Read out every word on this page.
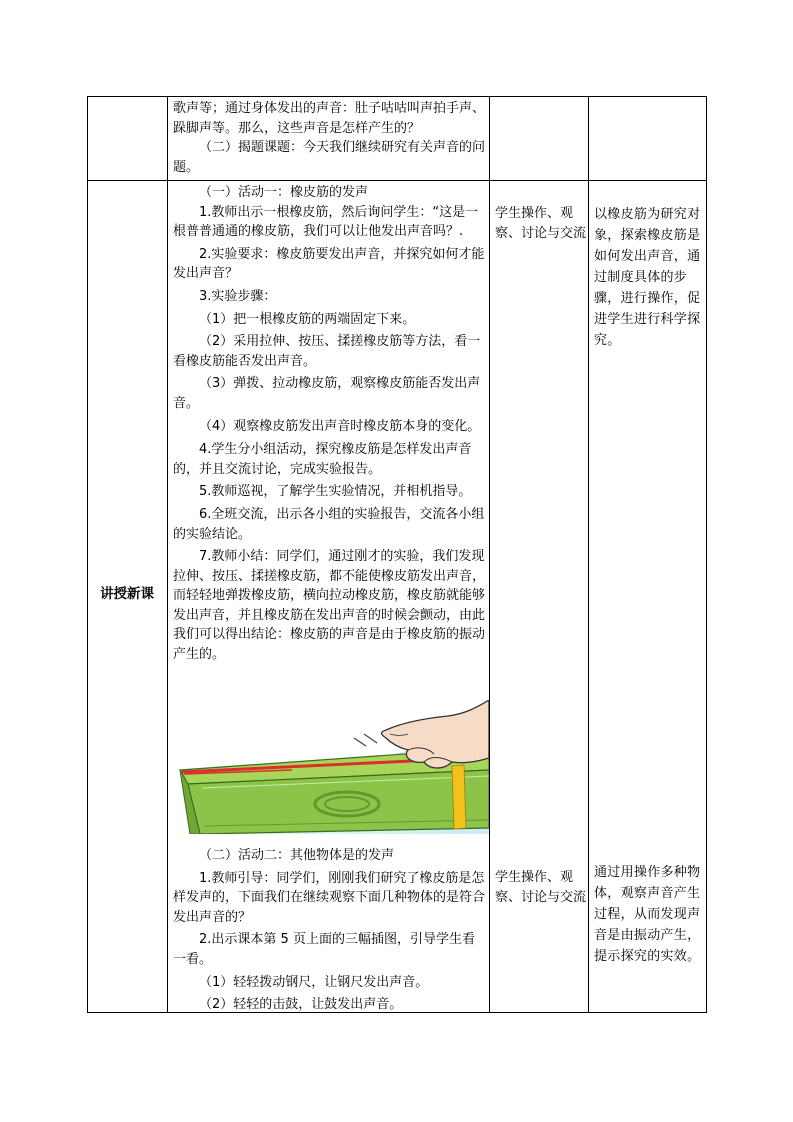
歌声等；通过身体发出的声音：肚子咕咕叫声拍手声、跺脚声等。那么，这些声音是怎样产生的？

（二）揭题课题：今天我们继续研究有关声音的问题。

讲授新课

（一）活动一：橡皮筋的发声

1.教师出示一根橡皮筋，然后询问学生：“这是一根普普通通的橡皮筋，我们可以让他发出声音吗？.

2.实验要求：橡皮筋要发出声音，并探究如何才能发出声音？

3.实验步骤：

（1）把一根橡皮筋的两端固定下来。

（2）采用拉伸、按压、揉搓橡皮筋等方法，看一看橡皮筋能否发出声音。

（3）弹拨、拉动橡皮筋，观察橡皮筋能否发出声音。

（4）观察橡皮筋发出声音时橡皮筋本身的变化。

4.学生分小组活动，探究橡皮筋是怎样发出声音的，并且交流讨论，完成实验报告。

5.教师巡视，了解学生实验情况，并相机指导。

6.全班交流，出示各小组的实验报告，交流各小组的实验结论。

7.教师小结：同学们，通过刚才的实验，我们发现拉伸、按压、揉搓橡皮筋，都不能使橡皮筋发出声音，而轻轻地弹拨橡皮筋，横向拉动橡皮筋，橡皮筋就能够发出声音，并且橡皮筋在发出声音的时候会颤动，由此我们可以得出结论：橡皮筋的声音是由于橡皮筋的振动产生的。

学生操作、观察、讨论与交流
以橡皮筋为研究对象，探索橡皮筋是如何发出声音，通过制度具体的步骤，进行操作，促进学生进行科学探究。

（二）活动二：其他物体是的发声

1.教师引导：同学们，刚刚我们研究了橡皮筋是怎样发声的，下面我们在继续观察下面几种物体的是符合发出声音的？

2.出示课本第 5 页上面的三幅插图，引导学生看一看。

（1）轻轻拨动钢尺，让钢尺发出声音。

（2）轻轻的击鼓，让鼓发出声音。

学生操作、观察、讨论与交流
通过用操作多种物体，观察声音产生过程，从而发现声音是由振动产生，提示探究的实效。
